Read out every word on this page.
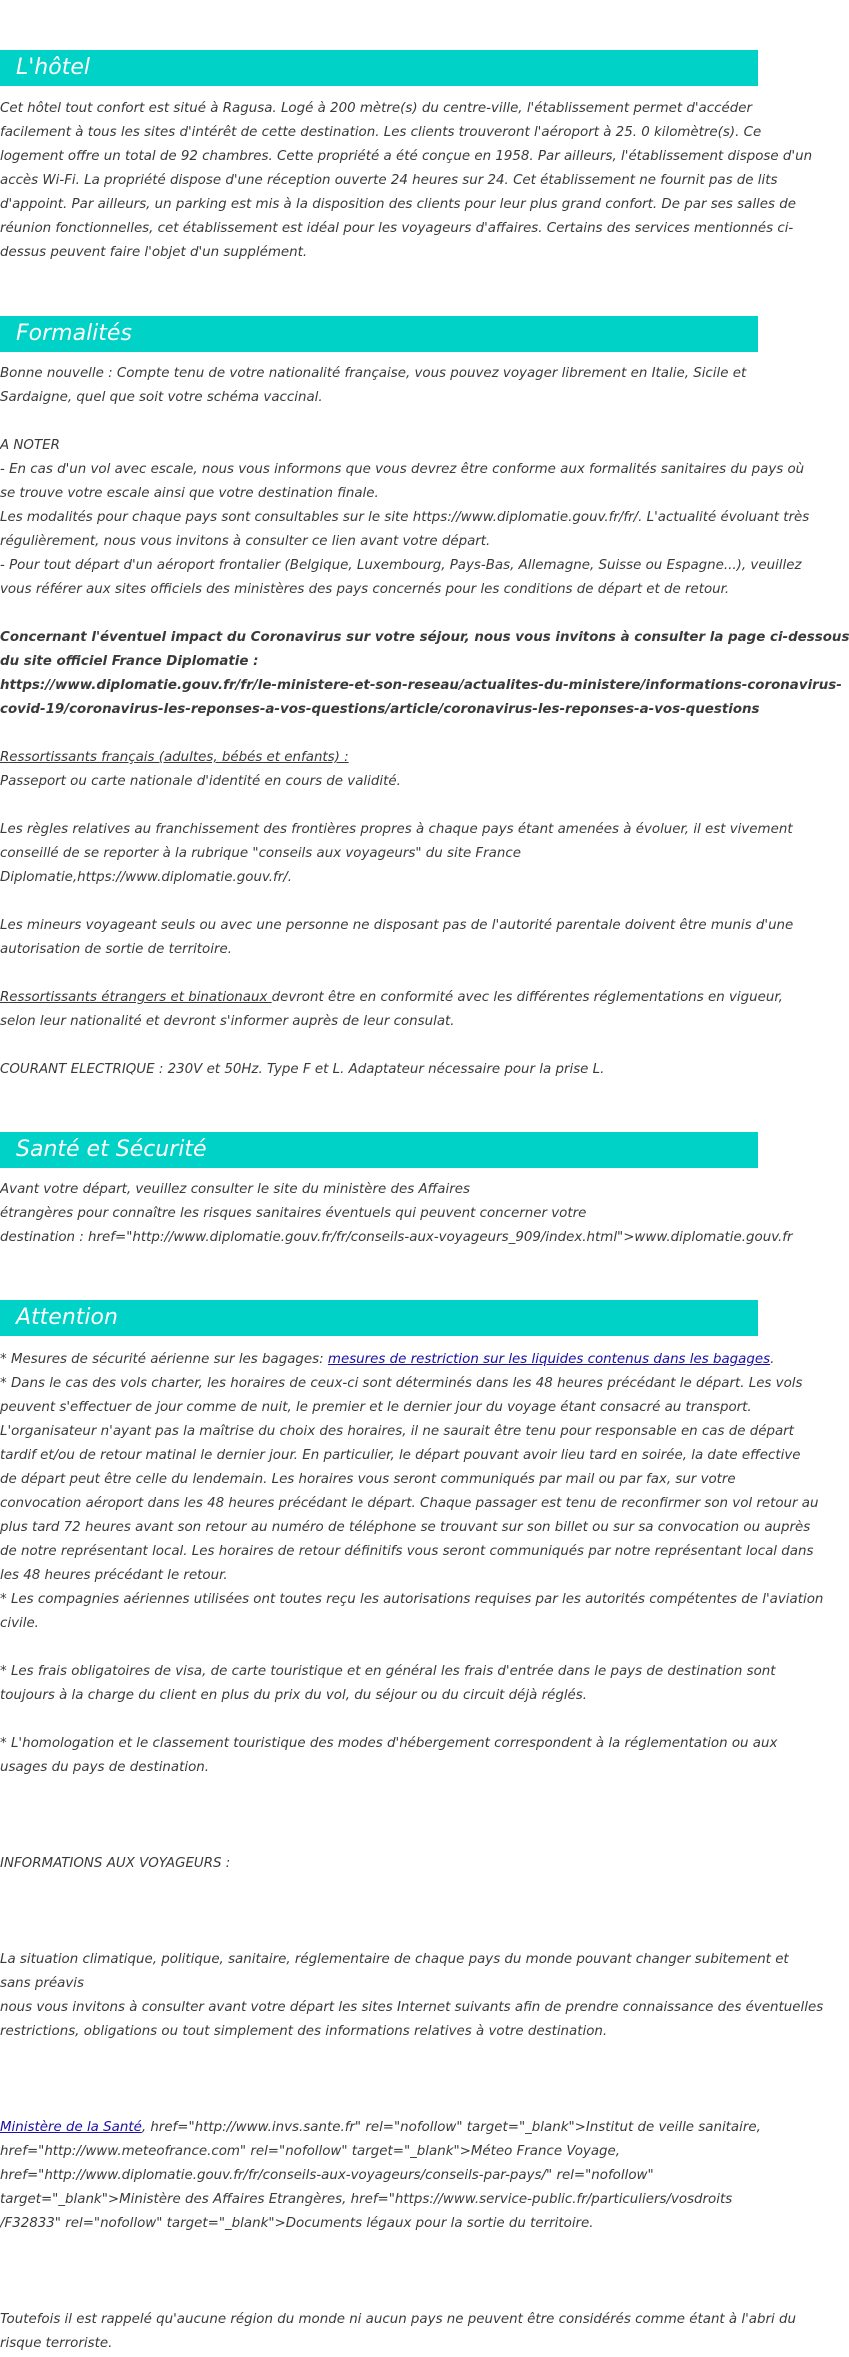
L'hôtel

Cet hôtel tout confort est situé à Ragusa. Logé à 200 mètre(s) du centre-ville, l'établissement permet d'accéder

facilement à tous les sites d'intérêt de cette destination. Les clients trouveront l'aéroport à 25. 0 kilomètre(s). Ce

logement offre un total de 92 chambres. Cette propriété a été conçue en 1958. Par ailleurs, l'établissement dispose d'un

accès Wi-Fi. La propriété dispose d'une réception ouverte 24 heures sur 24. Cet établissement ne fournit pas de lits

d'appoint. Par ailleurs, un parking est mis à la disposition des clients pour leur plus grand confort. De par ses salles de

réunion fonctionnelles, cet établissement est idéal pour les voyageurs d'affaires. Certains des services mentionnés ci-

dessus peuvent faire l'objet d'un supplément.

Formalités

Bonne nouvelle : Compte tenu de votre nationalité française, vous pouvez voyager librement en Italie, Sicile et

Sardaigne, quel que soit votre schéma vaccinal.

A NOTER

- En cas d'un vol avec escale, nous vous informons que vous devrez être conforme aux formalités sanitaires du pays où

se trouve votre escale ainsi que votre destination finale.

Les modalités pour chaque pays sont consultables sur le site https://www.diplomatie.gouv.fr/fr/. L'actualité évoluant très

régulièrement, nous vous invitons à consulter ce lien avant votre départ.

- Pour tout départ d'un aéroport frontalier (Belgique, Luxembourg, Pays-Bas, Allemagne, Suisse ou Espagne...), veuillez

vous référer aux sites officiels des ministères des pays concernés pour les conditions de départ et de retour.

Concernant l'éventuel impact du Coronavirus sur votre séjour, nous vous invitons à consulter la page ci-dessous

du site officiel France Diplomatie :

https://www.diplomatie.gouv.fr/fr/le-ministere-et-son-reseau/actualites-du-ministere/informations-coronavirus-

covid-19/coronavirus-les-reponses-a-vos-questions/article/coronavirus-les-reponses-a-vos-questions

Ressortissants français (adultes, bébés et enfants) :

Passeport ou carte nationale d'identité en cours de validité.

Les règles relatives au franchissement des frontières propres à chaque pays étant amenées à évoluer, il est vivement

conseillé de se reporter à la rubrique "conseils aux voyageurs" du site France

Diplomatie,https://www.diplomatie.gouv.fr/.

Les mineurs voyageant seuls ou avec une personne ne disposant pas de l'autorité parentale doivent être munis d'une

autorisation de sortie de territoire.

Ressortissants étrangers et binationaux devront être en conformité avec les différentes réglementations en vigueur,

selon leur nationalité et devront s'informer auprès de leur consulat.

COURANT ELECTRIQUE : 230V et 50Hz. Type F et L. Adaptateur nécessaire pour la prise L.

Santé et Sécurité

Avant votre départ, veuillez consulter le site du ministère des Affaires

étrangères pour connaître les risques sanitaires éventuels qui peuvent concerner votre

destination : href="http://www.diplomatie.gouv.fr/fr/conseils-aux-voyageurs_909/index.html">www.diplomatie.gouv.fr

Attention

* Mesures de sécurité aérienne sur les bagages: mesures de restriction sur les liquides contenus dans les bagages.

* Dans le cas des vols charter, les horaires de ceux-ci sont déterminés dans les 48 heures précédant le départ. Les vols

peuvent s'effectuer de jour comme de nuit, le premier et le dernier jour du voyage étant consacré au transport.

L'organisateur n'ayant pas la maîtrise du choix des horaires, il ne saurait être tenu pour responsable en cas de départ

tardif et/ou de retour matinal le dernier jour. En particulier, le départ pouvant avoir lieu tard en soirée, la date effective

de départ peut être celle du lendemain. Les horaires vous seront communiqués par mail ou par fax, sur votre

convocation aéroport dans les 48 heures précédant le départ. Chaque passager est tenu de reconfirmer son vol retour au

plus tard 72 heures avant son retour au numéro de téléphone se trouvant sur son billet ou sur sa convocation ou auprès

de notre représentant local. Les horaires de retour définitifs vous seront communiqués par notre représentant local dans

les 48 heures précédant le retour.

* Les compagnies aériennes utilisées ont toutes reçu les autorisations requises par les autorités compétentes de l'aviation

civile.

* Les frais obligatoires de visa, de carte touristique et en général les frais d'entrée dans le pays de destination sont

toujours à la charge du client en plus du prix du vol, du séjour ou du circuit déjà réglés.

* L'homologation et le classement touristique des modes d'hébergement correspondent à la réglementation ou aux

usages du pays de destination.

INFORMATIONS AUX VOYAGEURS :

La situation climatique, politique, sanitaire, réglementaire de chaque pays du monde pouvant changer subitement et

sans préavis

nous vous invitons à consulter avant votre départ les sites Internet suivants afin de prendre connaissance des éventuelles

restrictions, obligations ou tout simplement des informations relatives à votre destination.

Ministère de la Santé, href="http://www.invs.sante.fr" rel="nofollow" target="_blank">Institut de veille sanitaire,

href="http://www.meteofrance.com" rel="nofollow" target="_blank">Méteo France Voyage,

href="http://www.diplomatie.gouv.fr/fr/conseils-aux-voyageurs/conseils-par-pays/" rel="nofollow"

target="_blank">Ministère des Affaires Etrangères, href="https://www.service-public.fr/particuliers/vosdroits

/F32833" rel="nofollow" target="_blank">Documents légaux pour la sortie du territoire.

Toutefois il est rappelé qu'aucune région du monde ni aucun pays ne peuvent être considérés comme étant à l'abri du

risque terroriste.
